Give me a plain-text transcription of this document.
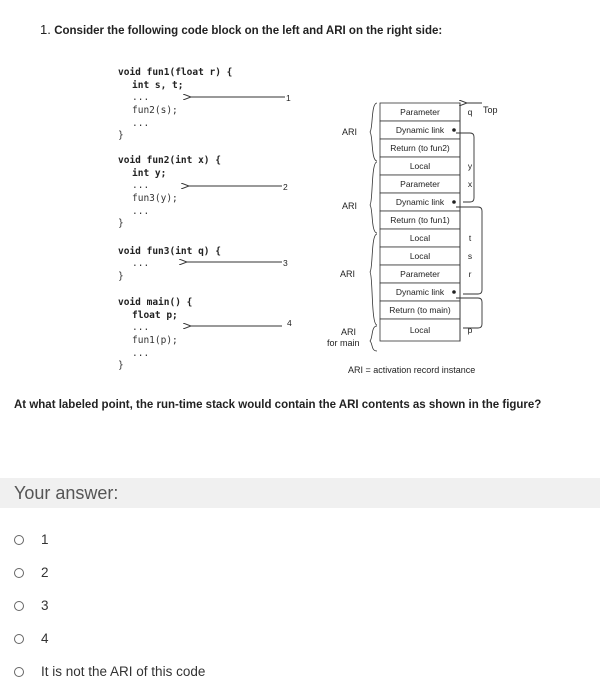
1. Consider the following code block on the left and ARI on the right side:
void fun1(float r) {
int s, t;
...
fun2(s);
...
}
1
void fun2(int x) {
int y;
...
fun3(y);
...
}
2
void fun3(int q) {
...
}
3
void main() {
float p;
...
fun1(p);
...
}
4
ARI
ARI
ARI
ARI
for main
Parameter	q
Dynamic link
Return (to fun2)
Local	y
Parameter	x
Dynamic link
Return (to fun1)
Local	t
Local	s
Parameter	r
Dynamic link
Return (to main)
Local	p
Top
ARI = activation record instance
At what labeled point, the run-time stack would contain the ARI contents as shown in the figure?
Your answer:
1
2
3
4
It is not the ARI of this code
